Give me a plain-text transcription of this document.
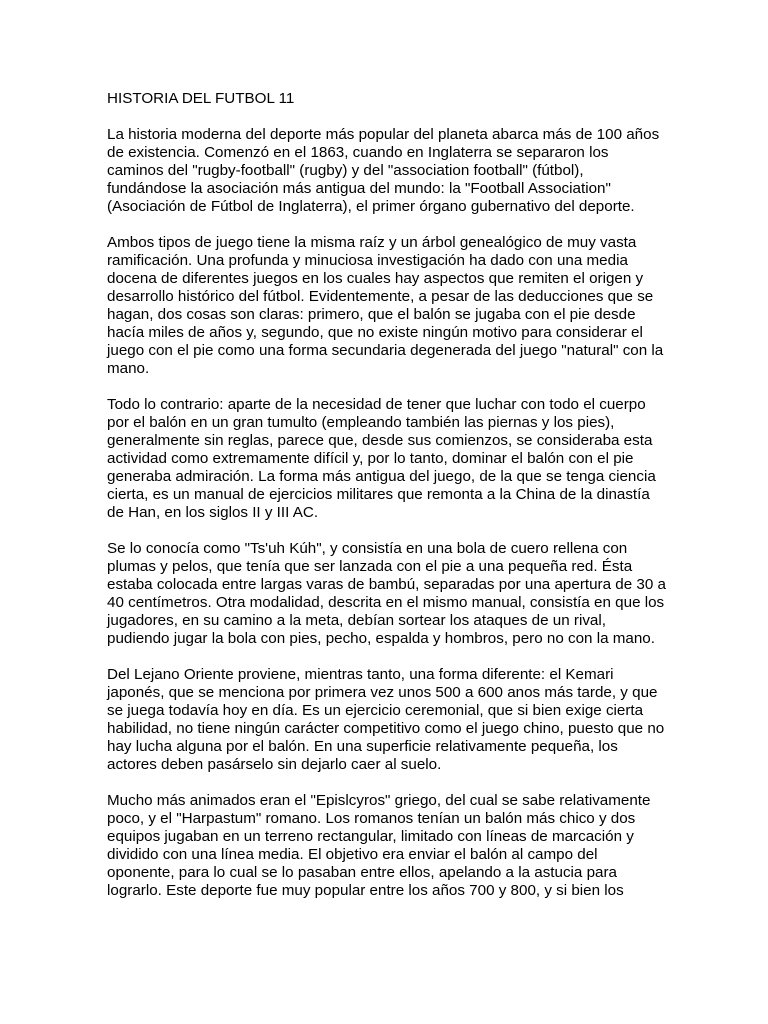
HISTORIA DEL FUTBOL 11

La historia moderna del deporte más popular del planeta abarca más de 100 años de existencia. Comenzó en el 1863, cuando en Inglaterra se separaron los caminos del "rugby-football" (rugby) y del "association football" (fútbol), fundándose la asociación más antigua del mundo: la "Football Association" (Asociación de Fútbol de Inglaterra), el primer órgano gubernativo del deporte.

Ambos tipos de juego tiene la misma raíz y un árbol genealógico de muy vasta ramificación. Una profunda y minuciosa investigación ha dado con una media docena de diferentes juegos en los cuales hay aspectos que remiten el origen y desarrollo histórico del fútbol. Evidentemente, a pesar de las deducciones que se hagan, dos cosas son claras: primero, que el balón se jugaba con el pie desde hacía miles de años y, segundo, que no existe ningún motivo para considerar el juego con el pie como una forma secundaria degenerada del juego "natural" con la mano.

Todo lo contrario: aparte de la necesidad de tener que luchar con todo el cuerpo por el balón en un gran tumulto (empleando también las piernas y los pies), generalmente sin reglas, parece que, desde sus comienzos, se consideraba esta actividad como extremamente difícil y, por lo tanto, dominar el balón con el pie generaba admiración. La forma más antigua del juego, de la que se tenga ciencia cierta, es un manual de ejercicios militares que remonta a la China de la dinastía de Han, en los siglos II y III AC.

Se lo conocía como "Ts'uh Kúh", y consistía en una bola de cuero rellena con plumas y pelos, que tenía que ser lanzada con el pie a una pequeña red. Ésta estaba colocada entre largas varas de bambú, separadas por una apertura de 30 a 40 centímetros. Otra modalidad, descrita en el mismo manual, consistía en que los jugadores, en su camino a la meta, debían sortear los ataques de un rival, pudiendo jugar la bola con pies, pecho, espalda y hombros, pero no con la mano.

Del Lejano Oriente proviene, mientras tanto, una forma diferente: el Kemari japonés, que se menciona por primera vez unos 500 a 600 anos más tarde, y que se juega todavía hoy en día. Es un ejercicio ceremonial, que si bien exige cierta habilidad, no tiene ningún carácter competitivo como el juego chino, puesto que no hay lucha alguna por el balón. En una superficie relativamente pequeña, los actores deben pasárselo sin dejarlo caer al suelo.

Mucho más animados eran el "Epislcyros" griego, del cual se sabe relativamente poco, y el "Harpastum" romano. Los romanos tenían un balón más chico y dos equipos jugaban en un terreno rectangular, limitado con líneas de marcación y dividido con una línea media. El objetivo era enviar el balón al campo del oponente, para lo cual se lo pasaban entre ellos, apelando a la astucia para lograrlo. Este deporte fue muy popular entre los años 700 y 800, y si bien los
